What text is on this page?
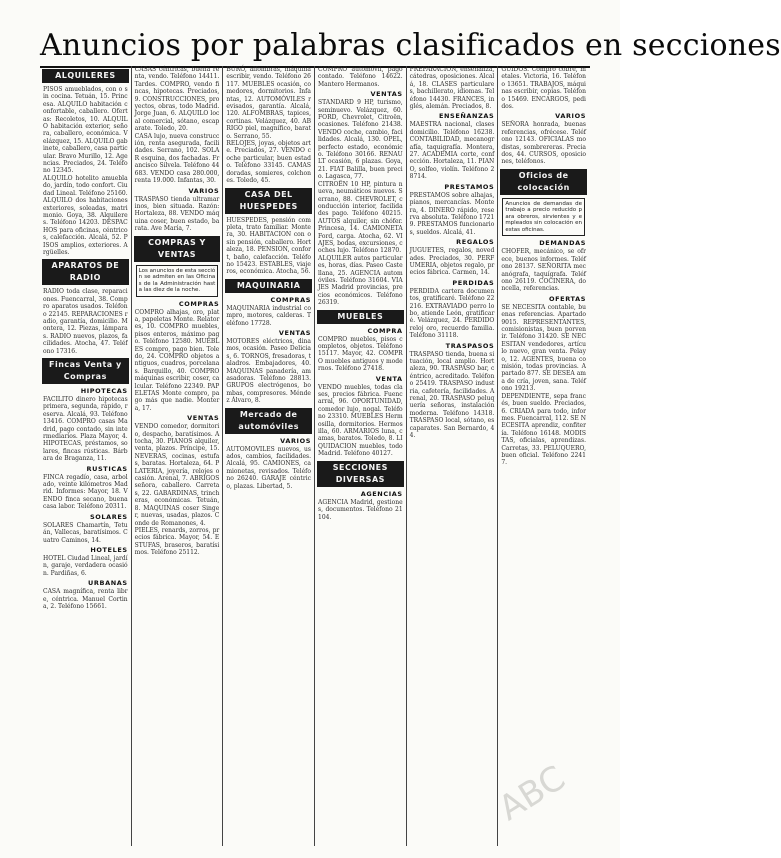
Anuncios por palabras clasificados en secciones
ALQUILERES
PISOS amueblados, con o sin cocina. Tetuán, 15. Princesa. ALQUILO habitación confortable, caballero. Ofertas: Recoletos, 10. ALQUILO habitación exterior, señora, caballero, económica. Velázquez, 15. ALQUILO gabinete, caballero, casa particular. Bravo Murillo, 12. Agencias. Preciados, 24. Teléfono 12345.
ALQUILO hotelito amueblado, jardín, todo confort. Ciudad Lineal. Teléfono 25160. ALQUILO dos habitaciones exteriores, soleadas, matrimonio. Goya, 38. Alquileres. Teléfono 14203. DESPACHOS para oficinas, céntricos, calefacción. Alcalá, 52. PISOS amplios, exteriores. Argüelles.
APARATOS DE RADIO
RADIO toda clase, reparaciones. Fuencarral, 38. Compro aparatos usados. Teléfono 22145. REPARACIONES radio, garantía, domicilio. Montera, 12. Piezas, lámparas. RADIO nuevos, plazos, facilidades. Atocha, 47. Teléfono 17316.
Fincas Venta y Compras
HIPOTECAS
FACILITO dinero hipotecas primera, segunda, rápido, reserva. Alcalá, 93. Teléfono 13416. COMPRO casas Madrid, pago contado, sin intermediarios. Plaza Mayor, 4. HIPOTECAS, préstamos, solares, fincas rústicas. Bárbara de Braganza, 11.
RUSTICAS
FINCA regadío, casa, arbolado, veinte kilómetros Madrid. Informes: Mayor, 18. VENDO finca secano, buena casa labor. Teléfono 20311.
SOLARES
SOLARES Chamartín, Tetuán, Vallecas, baratísimos. Cuatro Caminos, 14.
HOTELES
HOTEL Ciudad Lineal, jardín, garaje, verdadera ocasión. Pardiñas, 6.
URBANAS
CASA magnífica, renta libre, céntrica. Manuel Cortina, 2. Teléfono 15661.
CASAS céntricas, buena renta, vendo. Teléfono 14411. Tardes. COMPRO, vendo fincas, hipotecas. Preciados, 9. CONSTRUCCIONES, proyectos, obras, todo Madrid. Jorge Juan, 6. ALQUILO local comercial, sótano, escaparate. Toledo, 20.
CASA lujo, nueva construcción, renta asegurada, facilidades. Serrano, 102. SOLAR esquina, dos fachadas. Francisco Silvela. Teléfono 44683. VENDO casa 280.000, renta 19.000. Infantas, 30.
VARIOS
TRASPASO tienda ultramarinos, bien situada. Razón: Hortaleza, 88. VENDO máquina coser, buen estado, barata. Ave María, 7.
COMPRAS Y VENTAS
Los anuncios de esta sección se admiten en las Oficinas de la Administración hasta las diez de la noche.
COMPRAS
COMPRO alhajas, oro, plata, papeletas Monte. Relatores, 10. COMPRO muebles, pisos enteros, máximo pago. Teléfono 12580. MUEBLES compro, pago bien. Toledo, 24. COMPRO objetos antiguos, cuadros, porcelanas. Barquillo, 40. COMPRO máquinas escribir, coser, calcular. Teléfono 22349. PAPELETAS Monte compro, pago más que nadie. Montera, 17.
VENTAS
VENDO comedor, dormitorio, despacho, baratísimos. Atocha, 30. PIANOS alquiler, venta, plazos. Príncipe, 15. NEVERAS, cocinas, estufas, baratas. Hortaleza, 64. PLATERIA, joyería, relojes ocasión. Arenal, 7. ABRIGOS señora, caballero. Carretas, 22. GABARDINAS, trincheras, económicas. Tetuán, 8. MAQUINAS coser Singer, nuevas, usadas, plazos. Conde de Romanones, 4.
PIELES, renards, zorros, precios fábrica. Mayor, 54. ESTUFAS, braseros, baratísimos. Teléfono 25112.
BURÓ, alfombras, máquina escribir, vendo. Teléfono 26117. MUEBLES ocasión, comedores, dormitorios. Infantas, 12. AUTOMÓVILES revisados, garantía. Alcalá, 120. ALFOMBRAS, tapices, cortinas. Velázquez, 40. ABRIGO piel, magnífico, barato. Serrano, 55.
RELOJES, joyas, objetos arte. Preciados, 27. VENDO coche particular, buen estado. Teléfono 33145. CAMAS doradas, somieres, colchones. Toledo, 45.
CASA DEL HUESPEDES
HUESPEDES, pensión completa, trato familiar. Montera, 30. HABITACION con o sin pensión, caballero. Hortaleza, 18. PENSION, confort, baño, calefacción. Teléfono 15423. ESTABLES, viajeros, económica. Atocha, 56.
MAQUINARIA
COMPRAS
MAQUINARIA industrial compro, motores, calderas. Teléfono 17728.
VENTAS
MOTORES eléctricos, dinamos, ocasión. Paseo Delicias, 6. TORNOS, fresadoras, taladros. Embajadores, 40. MAQUINAS panadería, amasadoras. Teléfono 28813. GRUPOS electrógenos, bombas, compresores. Méndez Álvaro, 8.
Mercado de automóviles
VARIOS
AUTOMOVILES nuevos, usados, cambios, facilidades. Alcalá, 95. CAMIONES, camionetas, revisados. Teléfono 26240. GARAJE céntrico, plazas. Libertad, 5.
COMPRO automóvil, pago contado. Teléfono 14622. Mantero Hermanos.
VENTAS
STANDARD 9 HP, turismo, seminuevo. Velázquez, 60. FORD, Chevrolet, Citroën, ocasiones. Teléfono 21438. VENDO coche, cambio, facilidades. Alcalá, 130. OPEL, perfecto estado, económico. Teléfono 30166. RENAULT ocasión, 6 plazas. Goya, 21. FIAT Balilla, buen precio. Lagasca, 77.
CITROËN 10 HP, pintura nueva, neumáticos nuevos. Serrano, 88. CHEVROLET, conducción interior, facilidades pago. Teléfono 40215. AUTOS alquiler, sin chófer. Princesa, 14. CAMIONETA Ford, carga. Atocha, 62. VIAJES, bodas, excursiones, coches lujo. Teléfono 12870.
ALQUILER autos particulares, horas, días. Paseo Castellana, 25. AGENCIA automóviles. Teléfono 31604. VIAJES Madrid provincias, precios económicos. Teléfono 26319.
MUEBLES
COMPRA
COMPRO muebles, pisos completos, objetos. Teléfono 15117. Mayor, 42. COMPRO muebles antiguos y modernos. Teléfono 27418.
VENTA
VENDO muebles, todas clases, precios fábrica. Fuencarral, 96. OPORTUNIDAD, comedor lujo, nogal. Teléfono 23310. MUEBLES Hermosilla, dormitorios. Hermosilla, 60. ARMARIOS luna, camas, baratos. Toledo, 8. LIQUIDACION muebles, todo Madrid. Teléfono 40127.
SECCIONES DIVERSAS
AGENCIAS
AGENCIA Madrid, gestiones, documentos. Teléfono 21104.
PREPARACION, enseñanza, cátedras, oposiciones. Alcalá, 18. CLASES particulares, bachillerato, idiomas. Teléfono 14430. FRANCES, inglés, alemán. Preciados, 8.
ENSEÑANZAS
MAESTRA nacional, clases domicilio. Teléfono 16238. CONTABILIDAD, mecanografía, taquigrafía. Montera, 27. ACADEMIA corte, confección. Hortaleza, 11. PIANO, solfeo, violín. Teléfono 28714.
PRESTAMOS
PRESTAMOS sobre alhajas, pianos, mercancías. Montera, 4. DINERO rápido, reserva absoluta. Teléfono 17219. PRESTAMOS funcionarios, sueldos. Alcalá, 41.
REGALOS
JUGUETES, regalos, novedades. Preciados, 30. PERFUMERIA, objetos regalo, precios fábrica. Carmen, 14.
PERDIDAS
PERDIDA cartera documentos, gratificaré. Teléfono 22216. EXTRAVIADO perro lobo, atiende León, gratificaré. Velázquez, 24. PERDIDO reloj oro, recuerdo familia. Teléfono 31118.
TRASPASOS
TRASPASO tienda, buena situación, local amplio. Hortaleza, 90. TRASPASO bar, céntrico, acreditado. Teléfono 25419. TRASPASO industria, cafetería, facilidades. Arenal, 20. TRASPASO peluquería señoras, instalación moderna. Teléfono 14318. TRASPASO local, sótano, escaparates. San Bernardo, 44.
GUIDOS. Compro cobre, metales. Victoria, 16. Teléfono 13651. TRABAJOS, máquinas escribir, copias. Teléfono 15469. ENCARGOS, pedidos.
VARIOS
SEÑORA honrada, buenas referencias, ofrécese. Teléfono 12143. OFICIALAS modistas, sombrereras. Preciados, 44. CURSOS, oposiciones, teléfonos.
Oficios de colocación
Anuncios de demandas de trabajo a precio reducido para obreros, sirvientes y empleados sin colocación en estas oficinas.
DEMANDAS
CHOFER, mecánico, se ofrece, buenos informes. Teléfono 28137. SEÑORITA mecanógrafa, taquígrafa. Teléfono 26119. COCINERA, doncella, referencias.
OFERTAS
SE NECESITA contable, buenas referencias. Apartado 9015. REPRESENTANTES, comisionistas, buen porvenir. Teléfono 31420. SE NECESITAN vendedores, artículo nuevo, gran venta. Pelayo, 12. AGENTES, buena comisión, todas provincias. Apartado 877. SE DESEA ama de cría, joven, sana. Teléfono 19213.
DEPENDIENTE, sepa francés, buen sueldo. Preciados, 6. CRIADA para todo, informes. Fuencarral, 112. SE NECESITA aprendiz, confitería. Teléfono 16148. MODISTAS, oficialas, aprendizas. Carretas, 33. PELUQUERO, buen oficial. Teléfono 22417.
ABC
